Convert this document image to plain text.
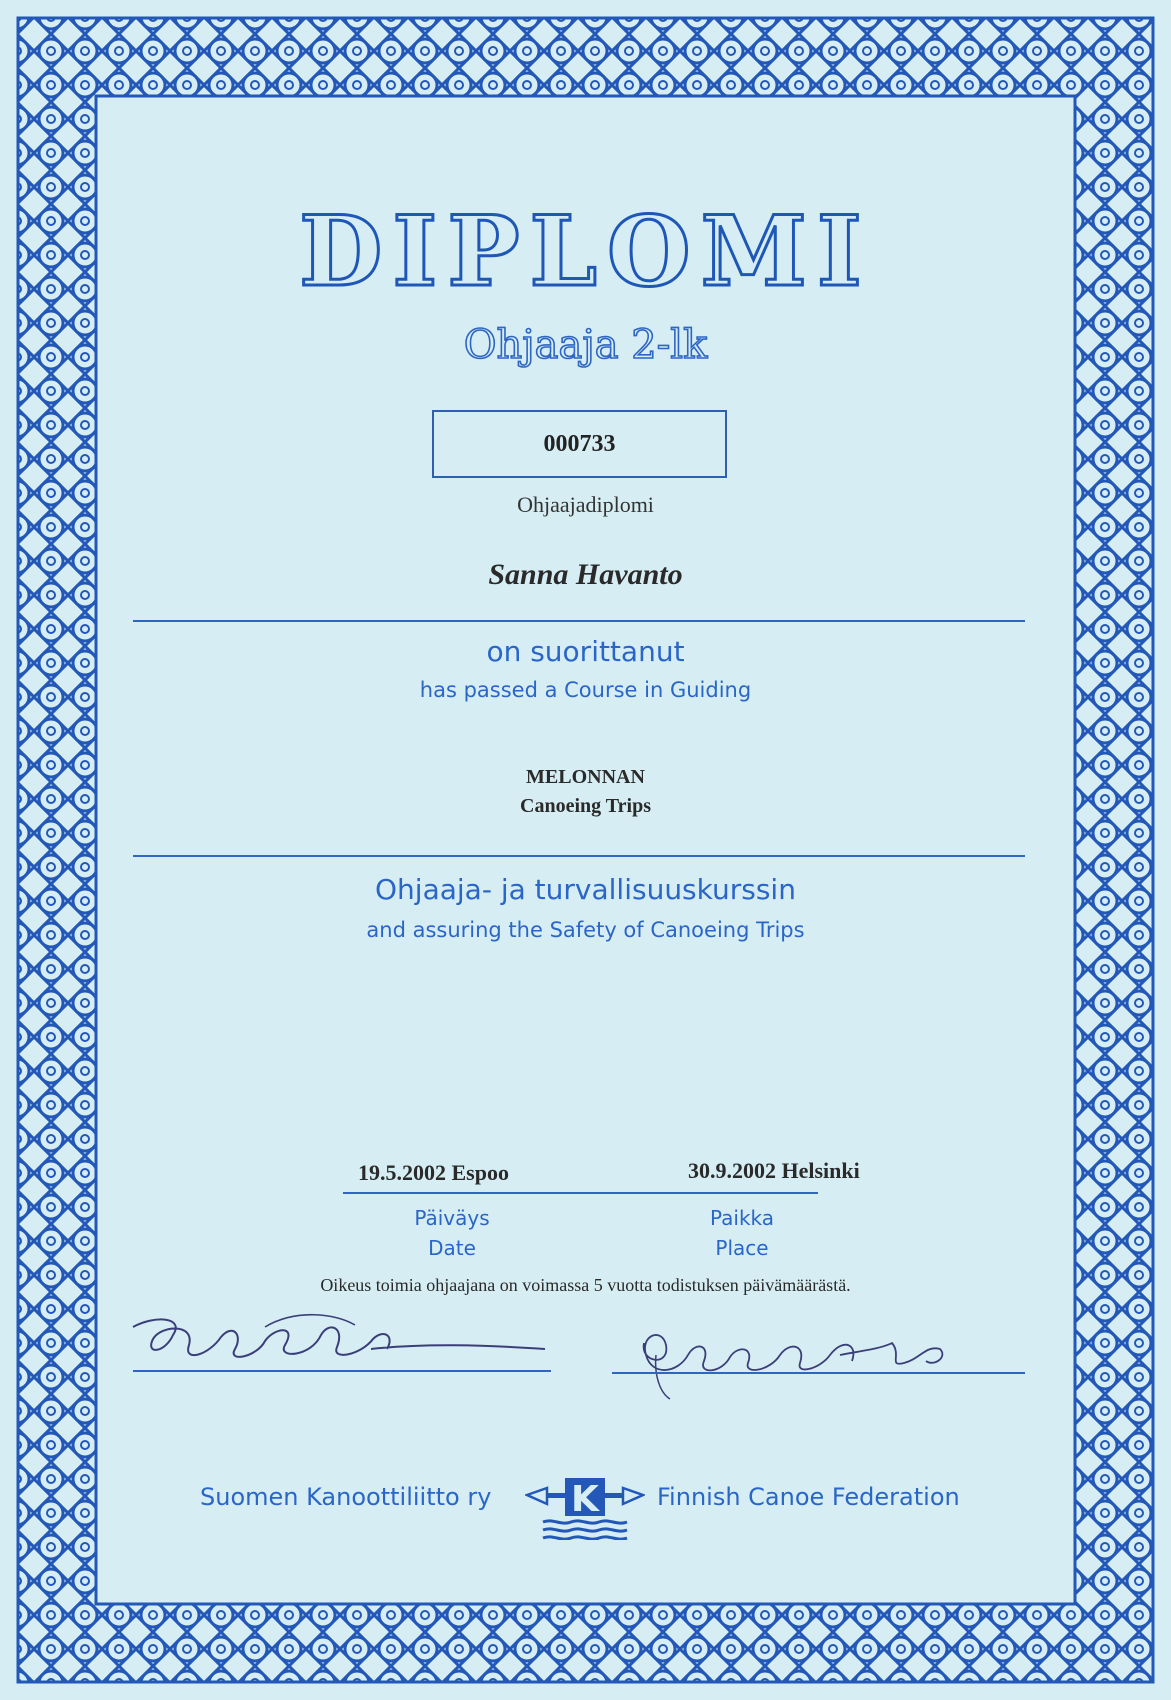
DIPLOMI
Ohjaaja 2-lk
000733
Ohjaajadiplomi
Sanna Havanto
on suorittanut
has passed a Course in Guiding
MELONNAN
Canoeing Trips
Ohjaaja- ja turvallisuuskurssin
and assuring the Safety of Canoeing Trips
19.5.2002 Espoo	30.9.2002 Helsinki
Päiväys
Date
Paikka
Place
Oikeus toimia ohjaajana on voimassa 5 vuotta todistuksen päivämäärästä.
Suomen Kanoottiliitto ry K Finnish Canoe Federation
